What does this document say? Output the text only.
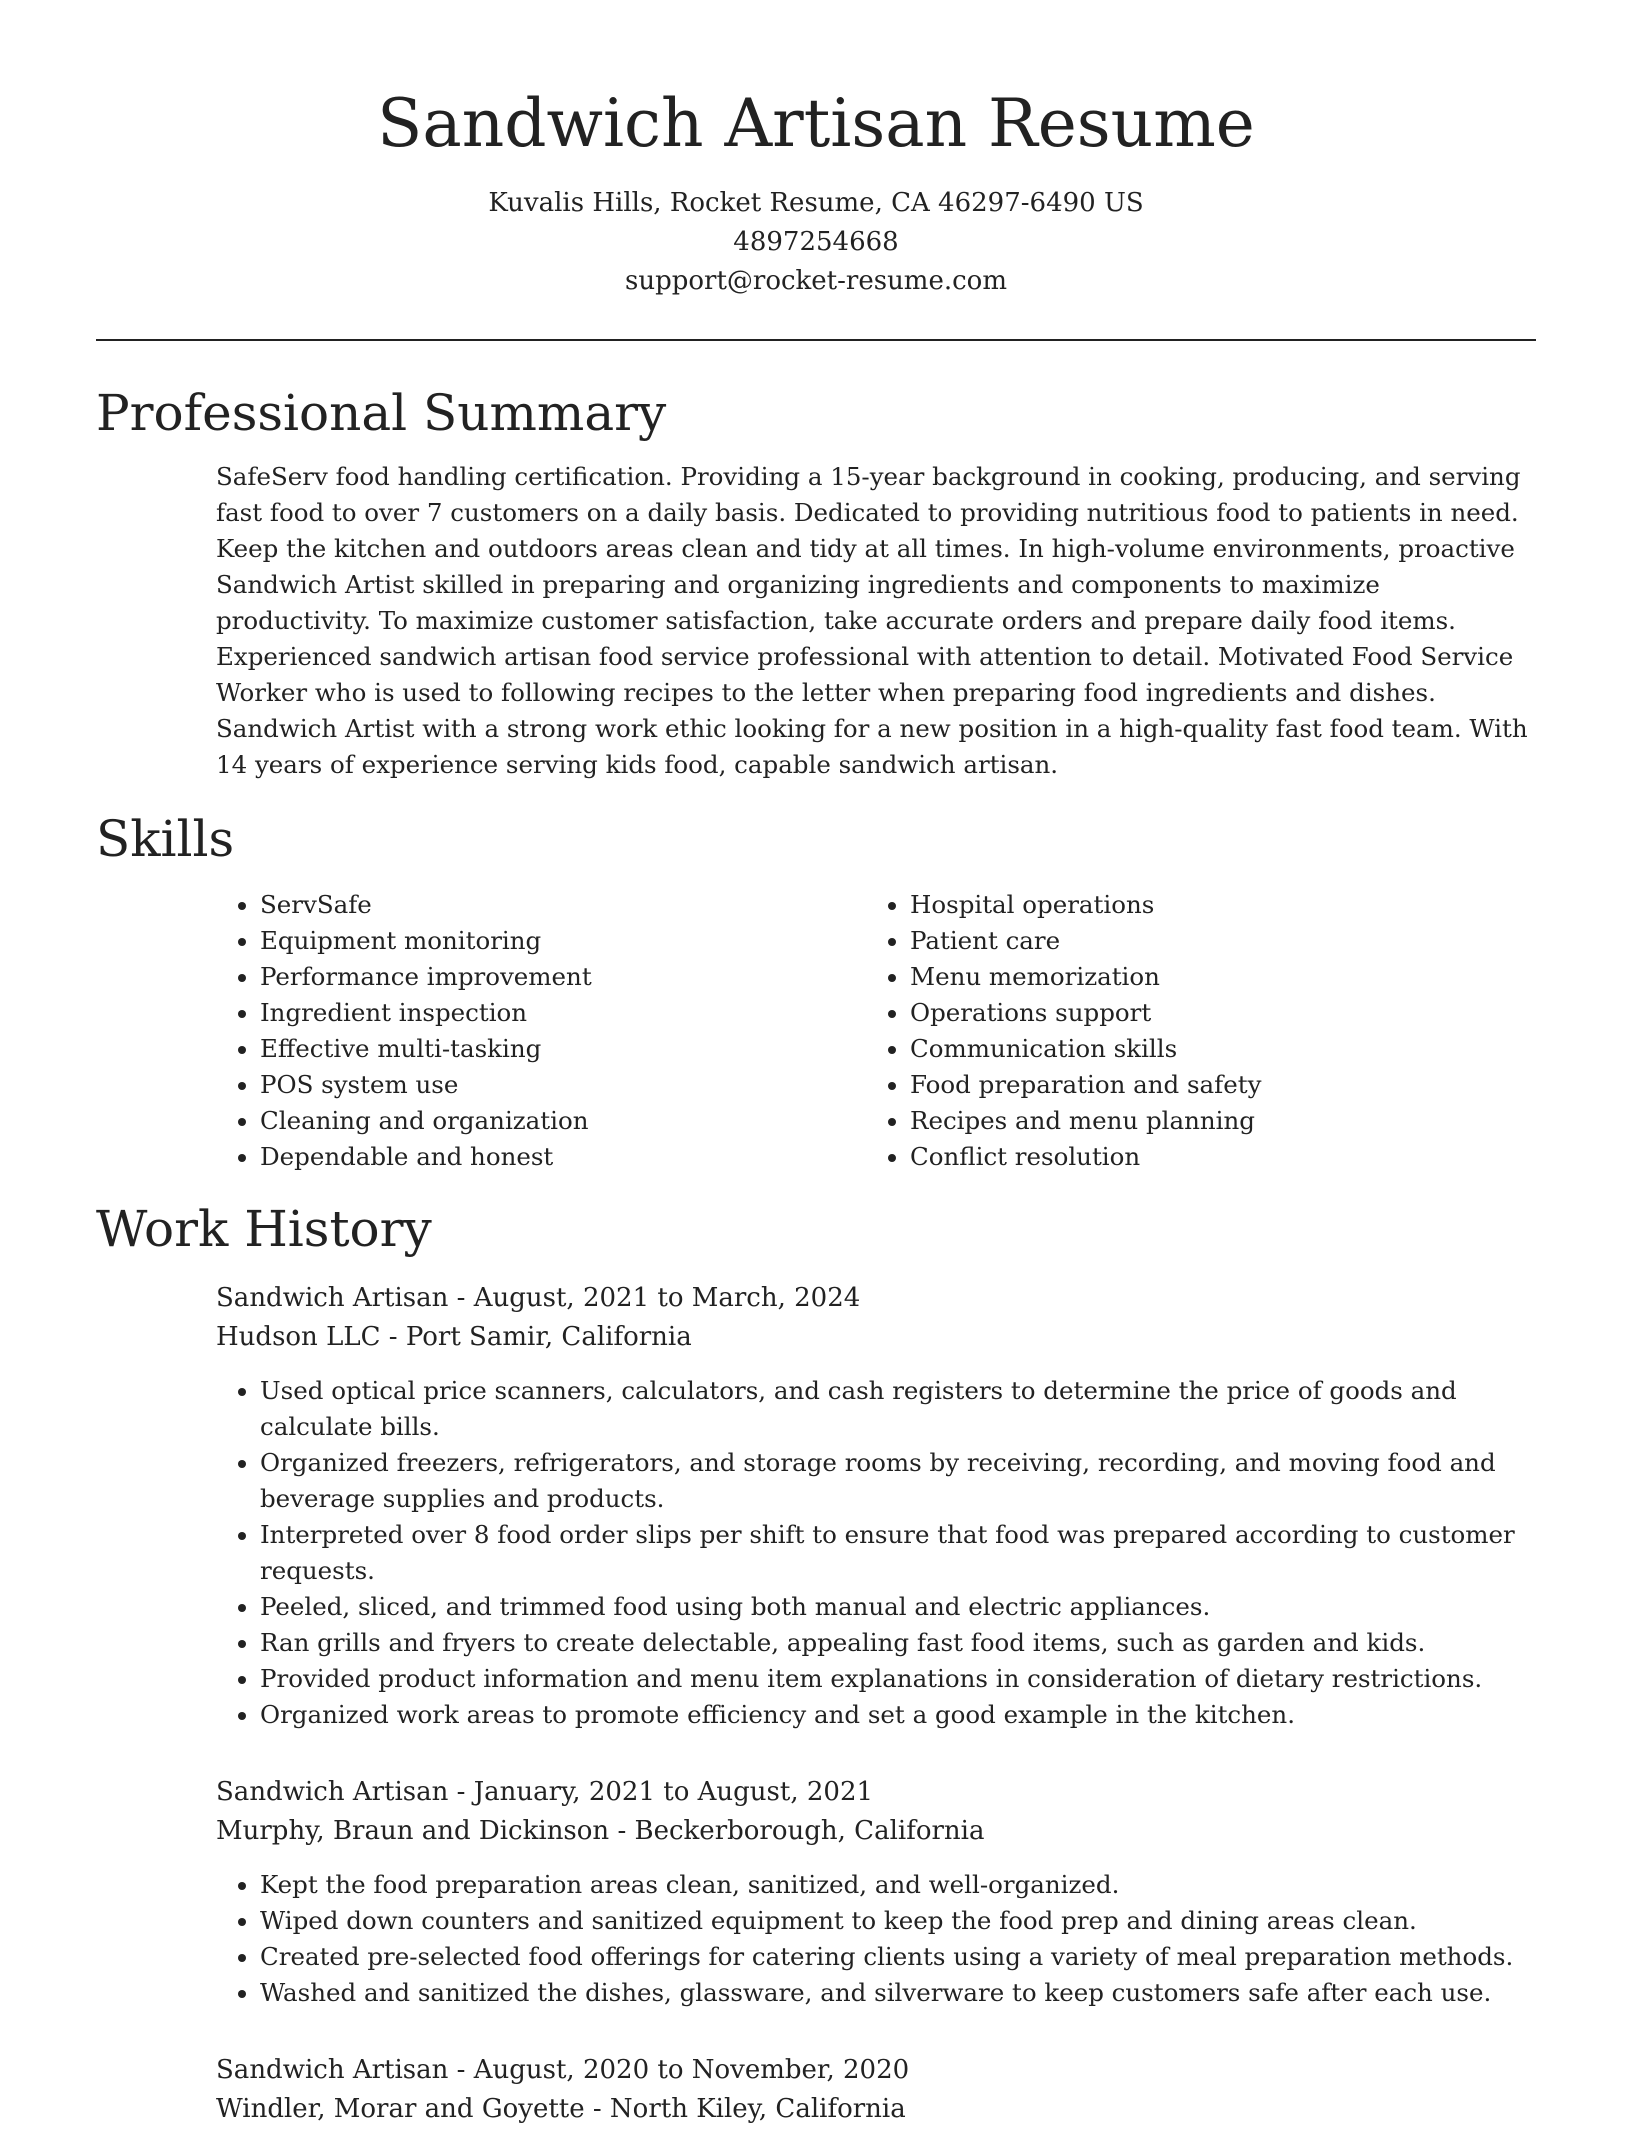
Sandwich Artisan Resume
Kuvalis Hills, Rocket Resume, CA 46297-6490 US
4897254668
support@rocket-resume.com
Professional Summary
SafeServ food handling certification. Providing a 15-year background in cooking, producing, and serving fast food to over 7 customers on a daily basis. Dedicated to providing nutritious food to patients in need. Keep the kitchen and outdoors areas clean and tidy at all times. In high-volume environments, proactive Sandwich Artist skilled in preparing and organizing ingredients and components to maximize productivity. To maximize customer satisfaction, take accurate orders and prepare daily food items. Experienced sandwich artisan food service professional with attention to detail. Motivated Food Service Worker who is used to following recipes to the letter when preparing food ingredients and dishes. Sandwich Artist with a strong work ethic looking for a new position in a high-quality fast food team. With 14 years of experience serving kids food, capable sandwich artisan.
Skills
• ServSafe
• Equipment monitoring
• Performance improvement
• Ingredient inspection
• Effective multi-tasking
• POS system use
• Cleaning and organization
• Dependable and honest
• Hospital operations
• Patient care
• Menu memorization
• Operations support
• Communication skills
• Food preparation and safety
• Recipes and menu planning
• Conflict resolution
Work History
Sandwich Artisan - August, 2021 to March, 2024
Hudson LLC - Port Samir, California
• Used optical price scanners, calculators, and cash registers to determine the price of goods and calculate bills.
• Organized freezers, refrigerators, and storage rooms by receiving, recording, and moving food and beverage supplies and products.
• Interpreted over 8 food order slips per shift to ensure that food was prepared according to customer requests.
• Peeled, sliced, and trimmed food using both manual and electric appliances.
• Ran grills and fryers to create delectable, appealing fast food items, such as garden and kids.
• Provided product information and menu item explanations in consideration of dietary restrictions.
• Organized work areas to promote efficiency and set a good example in the kitchen.
Sandwich Artisan - January, 2021 to August, 2021
Murphy, Braun and Dickinson - Beckerborough, California
• Kept the food preparation areas clean, sanitized, and well-organized.
• Wiped down counters and sanitized equipment to keep the food prep and dining areas clean.
• Created pre-selected food offerings for catering clients using a variety of meal preparation methods.
• Washed and sanitized the dishes, glassware, and silverware to keep customers safe after each use.
Sandwich Artisan - August, 2020 to November, 2020
Windler, Morar and Goyette - North Kiley, California
